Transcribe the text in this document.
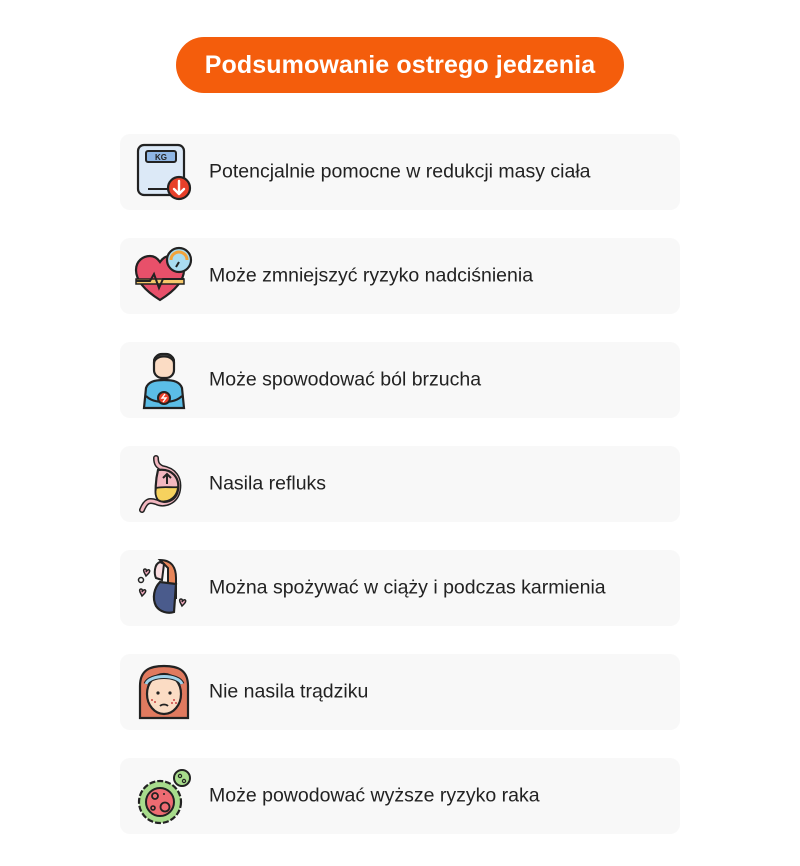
Podsumowanie ostrego jedzenia
KG
Potencjalnie pomocne w redukcji masy ciała
Może zmniejszyć ryzyko nadciśnienia
Może spowodować ból brzucha
Nasila refluks
Można spożywać w ciąży i podczas karmienia
Nie nasila trądziku
Może powodować wyższe ryzyko raka
